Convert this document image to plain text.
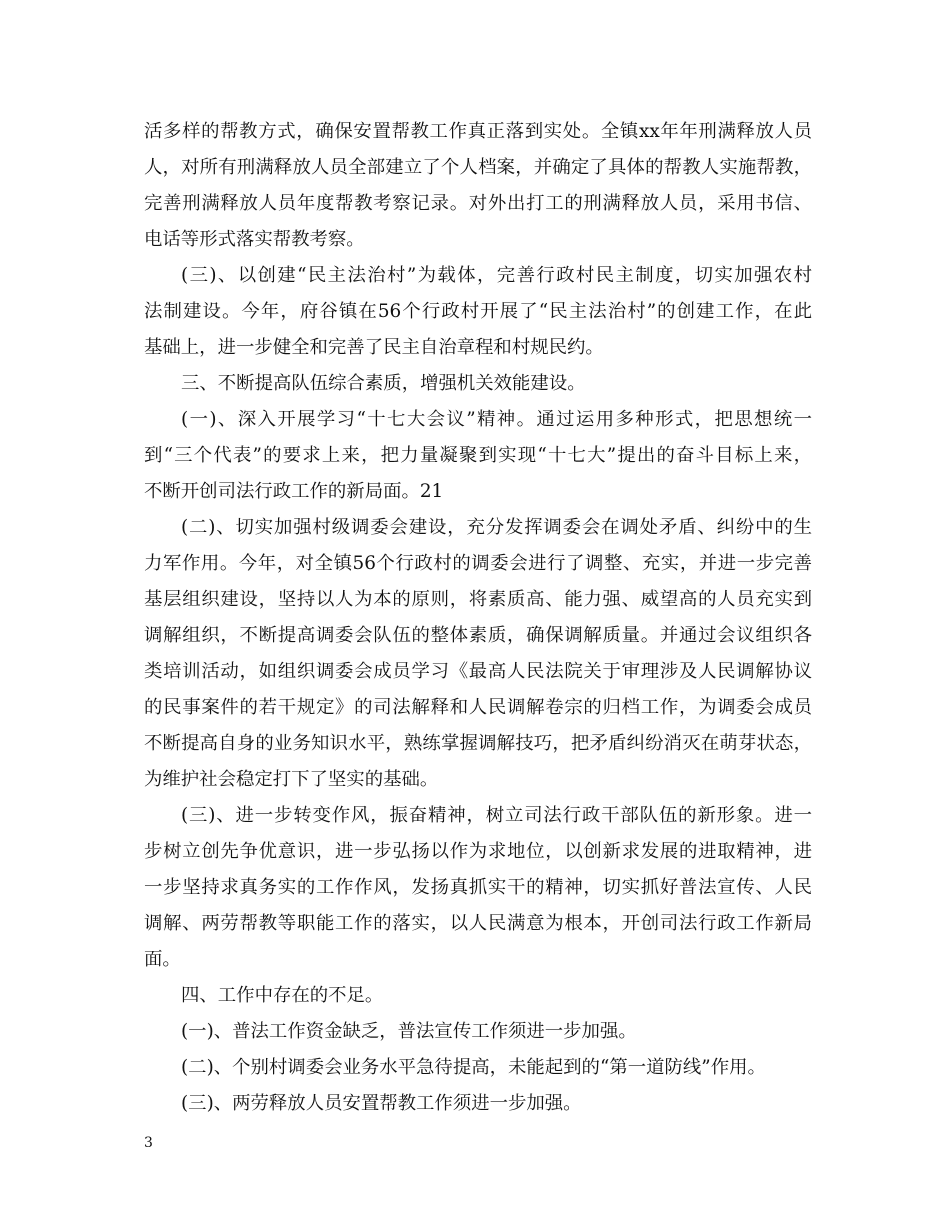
活多样的帮教方式，确保安置帮教工作真正落到实处。全镇xx年年刑满释放人员
人，对所有刑满释放人员全部建立了个人档案，并确定了具体的帮教人实施帮教，
完善刑满释放人员年度帮教考察记录。对外出打工的刑满释放人员，采用书信、
电话等形式落实帮教考察。
(三)、以创建“民主法治村”为载体，完善行政村民主制度，切实加强农村
法制建设。今年，府谷镇在56个行政村开展了“民主法治村”的创建工作，在此
基础上，进一步健全和完善了民主自治章程和村规民约。
三、不断提高队伍综合素质，增强机关效能建设。
(一)、深入开展学习“十七大会议”精神。通过运用多种形式，把思想统一
到“三个代表”的要求上来，把力量凝聚到实现“十七大”提出的奋斗目标上来，
不断开创司法行政工作的新局面。21
(二)、切实加强村级调委会建设，充分发挥调委会在调处矛盾、纠纷中的生
力军作用。今年，对全镇56个行政村的调委会进行了调整、充实，并进一步完善
基层组织建设，坚持以人为本的原则，将素质高、能力强、威望高的人员充实到
调解组织，不断提高调委会队伍的整体素质，确保调解质量。并通过会议组织各
类培训活动，如组织调委会成员学习《最高人民法院关于审理涉及人民调解协议
的民事案件的若干规定》的司法解释和人民调解卷宗的归档工作，为调委会成员
不断提高自身的业务知识水平，熟练掌握调解技巧，把矛盾纠纷消灭在萌芽状态，
为维护社会稳定打下了坚实的基础。
(三)、进一步转变作风，振奋精神，树立司法行政干部队伍的新形象。进一
步树立创先争优意识，进一步弘扬以作为求地位，以创新求发展的进取精神，进
一步坚持求真务实的工作作风，发扬真抓实干的精神，切实抓好普法宣传、人民
调解、两劳帮教等职能工作的落实，以人民满意为根本，开创司法行政工作新局
面。
四、工作中存在的不足。
(一)、普法工作资金缺乏，普法宣传工作须进一步加强。
(二)、个别村调委会业务水平急待提高，未能起到的“第一道防线”作用。
(三)、两劳释放人员安置帮教工作须进一步加强。
3
